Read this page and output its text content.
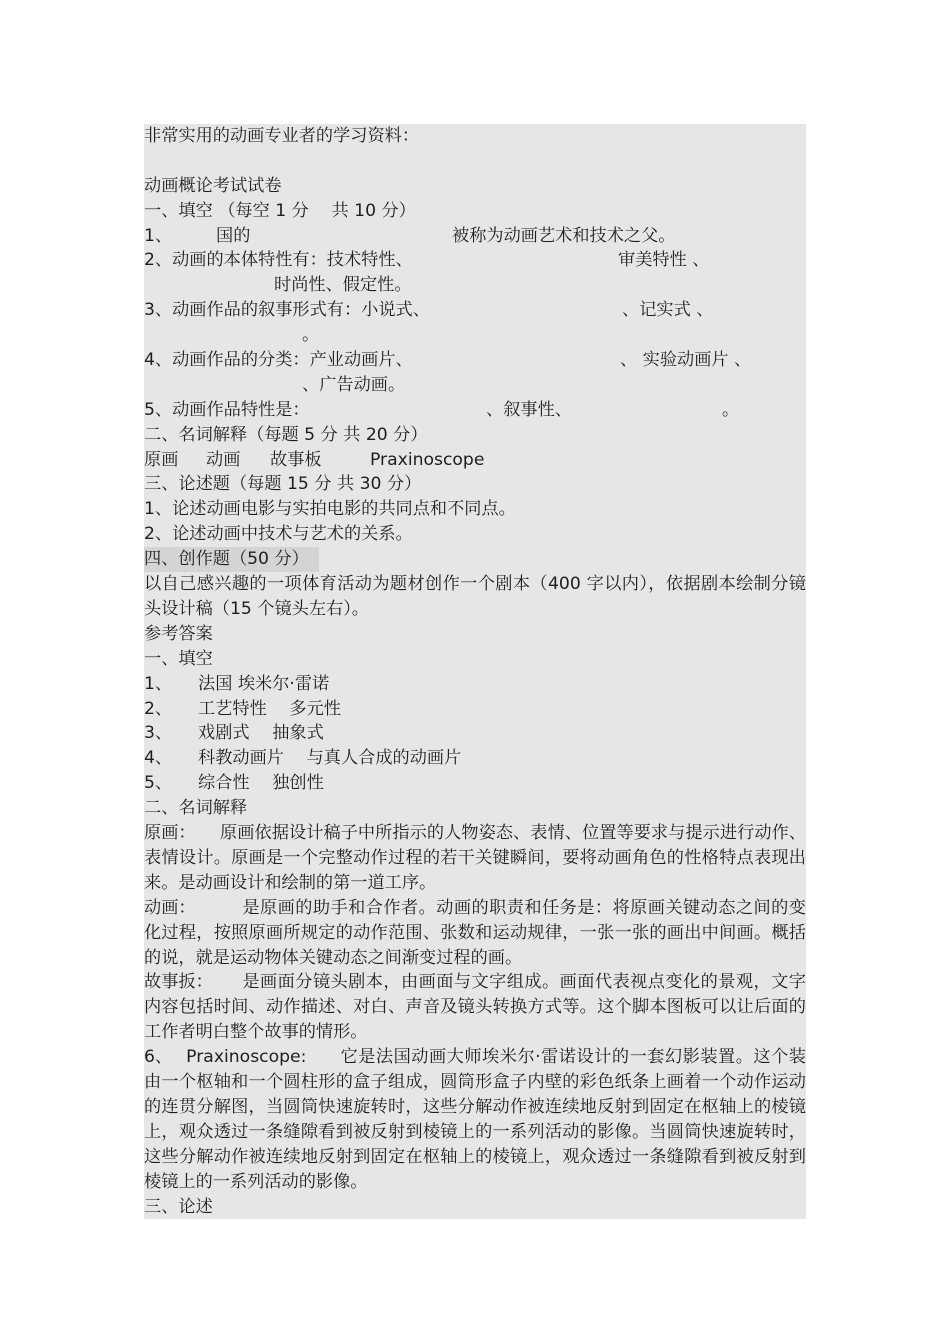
非常实用的动画专业者的学习资料：
动画概论考试试卷
一、填空 （每空 1 分 　共 10 分）
1、	国的	被称为动画艺术和技术之父。
2、动画的本体特性有：技术特性、	审美特性 、
时尚性、假定性。
3、动画作品的叙事形式有：小说式、	、记实式 、
。
4、动画作品的分类：产业动画片、	、 实验动画片 、
、广告动画。
5、动画作品特性是：	、叙事性、	。
二、名词解释（每题 5 分 共 20 分）
原画 动画 故事板	Praxinoscope
三、论述题（每题 15 分 共 30 分）
1、论述动画电影与实拍电影的共同点和不同点。
2、论述动画中技术与艺术的关系。
四、创作题（50 分）
以自己感兴趣的一项体育活动为题材创作一个剧本（400 字以内），依据剧本绘制分镜头设计稿（15 个镜头左右）。
参考答案
一、填空
1、 法国 埃米尔·雷诺
2、 工艺特性 　多元性
3、 戏剧式 　抽象式
4、 科教动画片 　与真人合成的动画片
5、 综合性 　独创性
二、名词解释
原画： 原画依据设计稿子中所指示的人物姿态、表情、位置等要求与提示进行动作、表情设计。原画是一个完整动作过程的若干关键瞬间，要将动画角色的性格特点表现出来。是动画设计和绘制的第一道工序。
动画：	是原画的助手和合作者。动画的职责和任务是：将原画关键动态之间的变化过程，按照原画所规定的动作范围、张数和运动规律，一张一张的画出中间画。概括的说，就是运动物体关键动态之间渐变过程的画。
故事扳： 是画面分镜头剧本，由画面与文字组成。画面代表视点变化的景观，文字内容包括时间、动作描述、对白、声音及镜头转换方式等。这个脚本图板可以让后面的工作者明白整个故事的情形。
6、　 Praxinoscope: 它是法国动画大师埃米尔·雷诺设计的一套幻影装置。这个装由一个枢轴和一个圆柱形的盒子组成，圆筒形盒子内壁的彩色纸条上画着一个动作运动的连贯分解图，当圆筒快速旋转时，这些分解动作被连续地反射到固定在枢轴上的棱镜上，观众透过一条缝隙看到被反射到棱镜上的一系列活动的影像。当圆筒快速旋转时，这些分解动作被连续地反射到固定在枢轴上的棱镜上，观众透过一条缝隙看到被反射到棱镜上的一系列活动的影像。
三、论述
